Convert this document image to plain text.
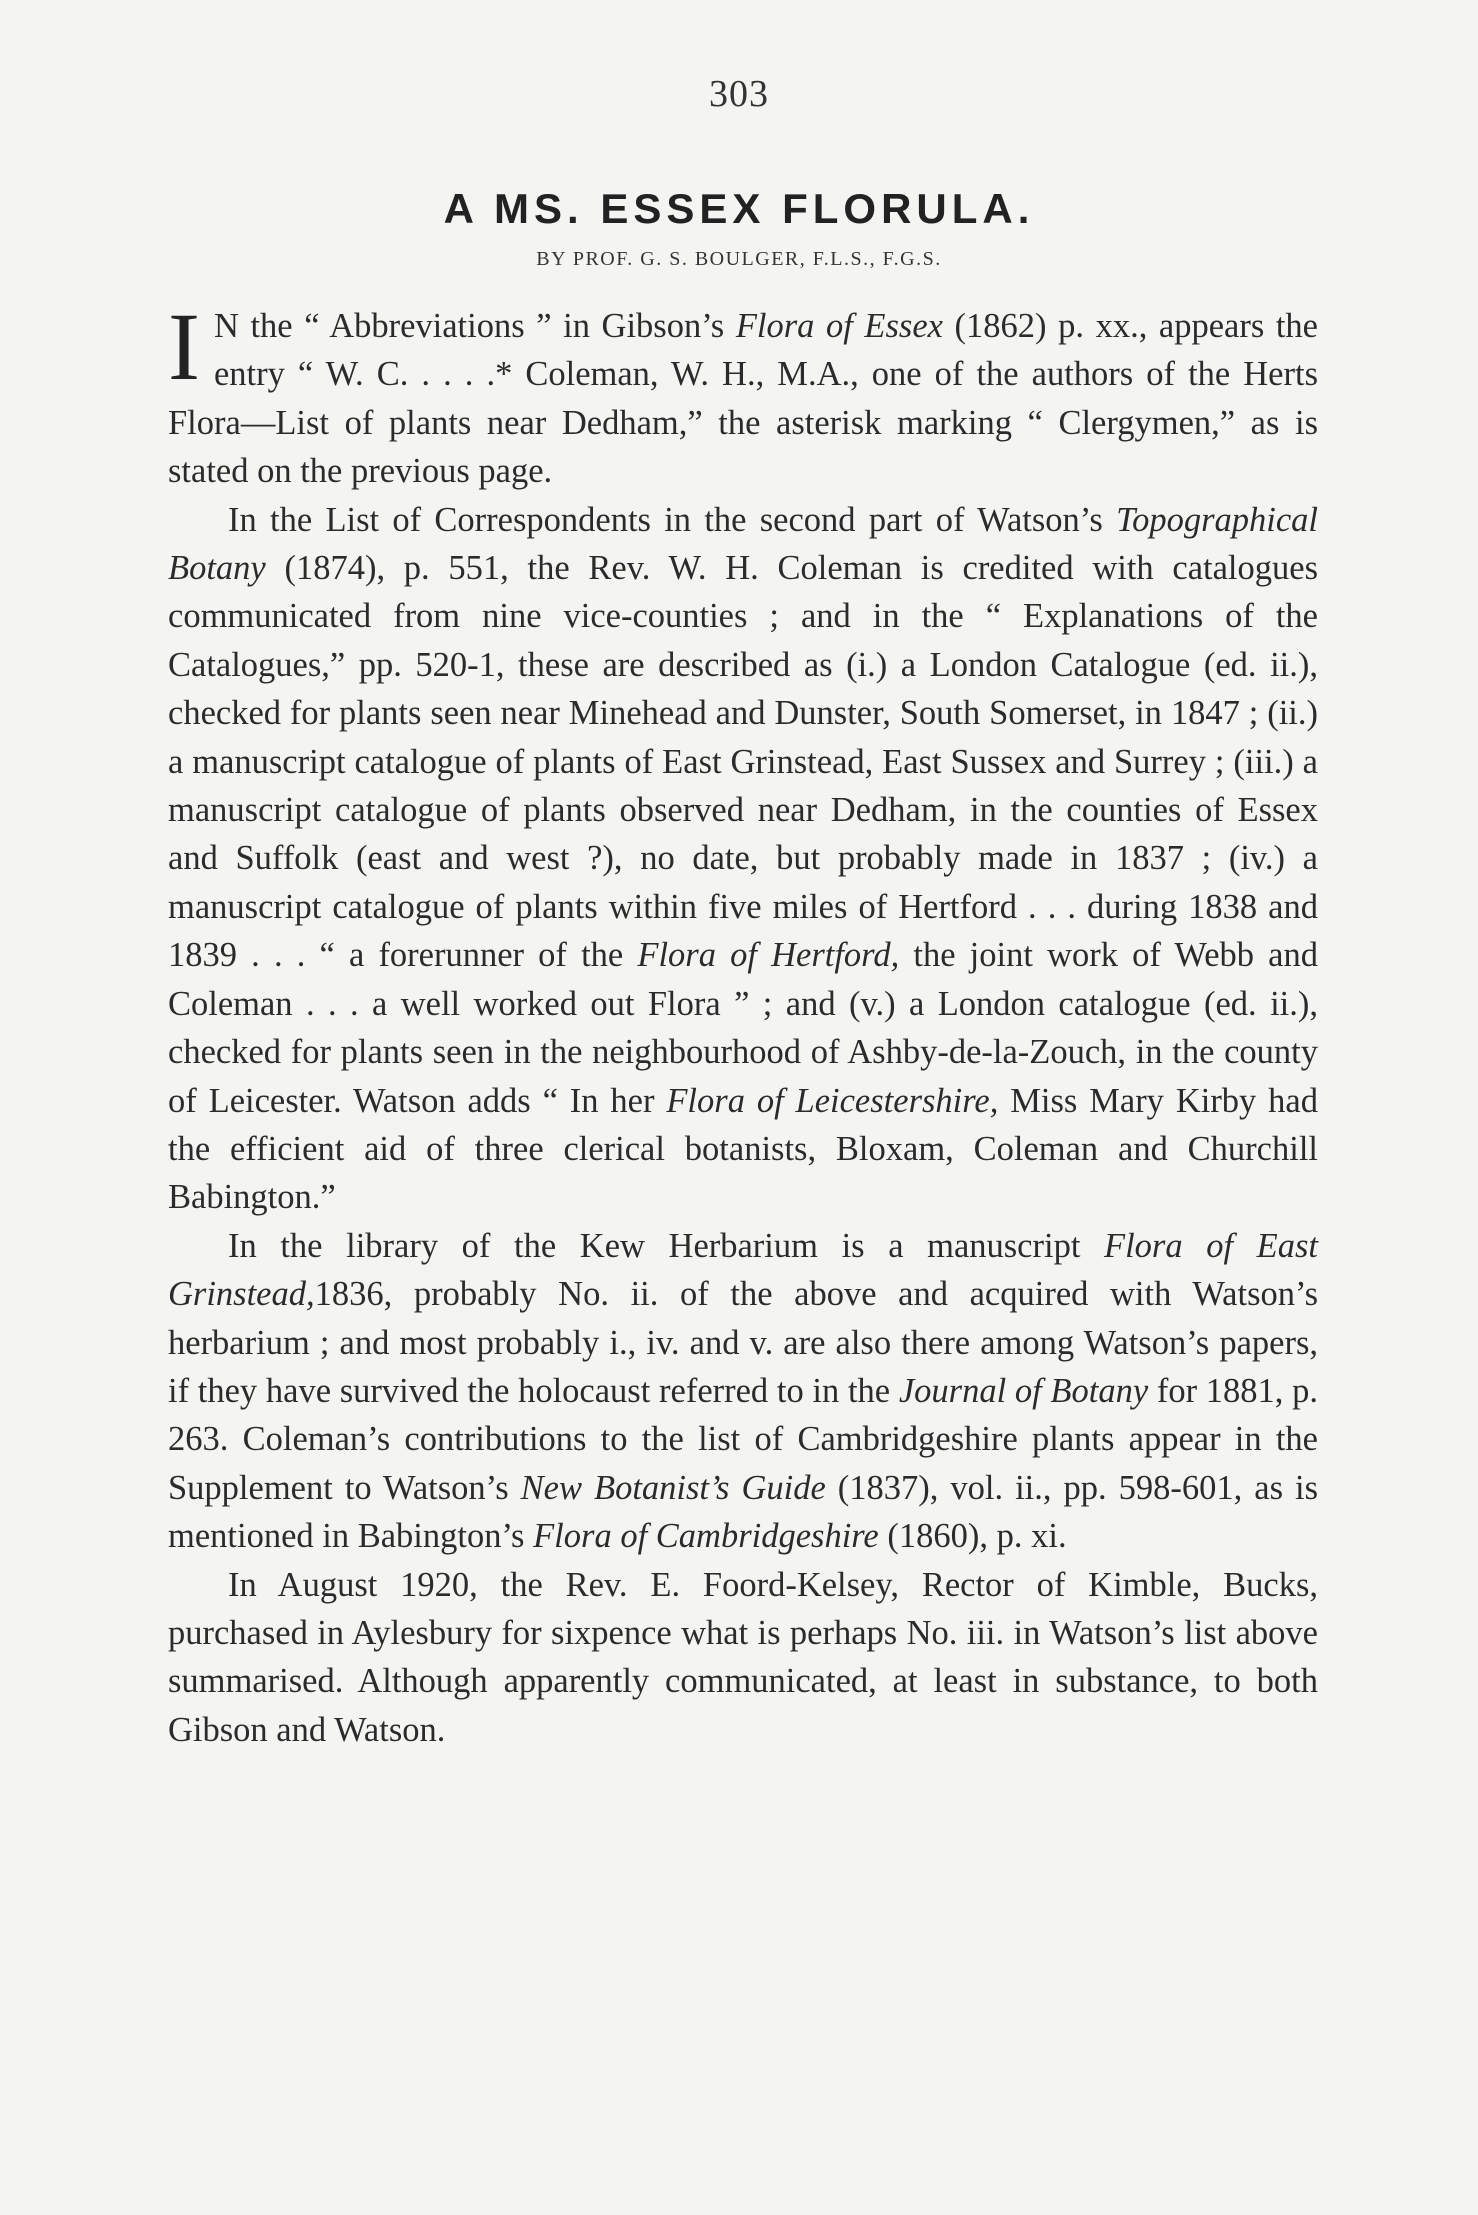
303
A MS. ESSEX FLORULA.
BY PROF. G. S. BOULGER, F.L.S., F.G.S.

I N the “ Abbreviations ” in Gibson’s Flora of Essex (1862) p. xx., appears the entry “ W. C. . . . .* Coleman, W. H., M.A., one of the authors of the Herts Flora—List of plants near Dedham,” the asterisk marking “ Clergymen,” as is stated on the previous page.

In the List of Correspondents in the second part of Watson’s Topographical Botany (1874), p. 551, the Rev. W. H. Coleman is credited with catalogues communicated from nine vice-counties ; and in the “ Explanations of the Catalogues,” pp. 520-1, these are described as (i.) a London Catalogue (ed. ii.), checked for plants seen near Minehead and Dunster, South Somerset, in 1847 ; (ii.) a manuscript catalogue of plants of East Grinstead, East Sussex and Surrey ; (iii.) a manuscript catalogue of plants observed near Dedham, in the counties of Essex and Suffolk (east and west ?), no date, but probably made in 1837 ; (iv.) a manuscript catalogue of plants within five miles of Hertford . . . during 1838 and 1839 . . . “ a forerunner of the Flora of Hertford, the joint work of Webb and Coleman . . . a well worked out Flora ” ; and (v.) a London catalogue (ed. ii.), checked for plants seen in the neighbourhood of Ashby-de-la-Zouch, in the county of Leicester. Watson adds “ In her Flora of Leicestershire, Miss Mary Kirby had the efficient aid of three clerical botanists, Bloxam, Coleman and Churchill Babington.”

In the library of the Kew Herbarium is a manuscript Flora of East Grinstead,1836, probably No. ii. of the above and acquired with Watson’s herbarium ; and most probably i., iv. and v. are also there among Watson’s papers, if they have survived the holocaust referred to in the Journal of Botany for 1881, p. 263. Coleman’s contributions to the list of Cambridgeshire plants appear in the Supplement to Watson’s New Botanist’s Guide (1837), vol. ii., pp. 598-601, as is mentioned in Babington’s Flora of Cambridgeshire (1860), p. xi.

In August 1920, the Rev. E. Foord-Kelsey, Rector of Kimble, Bucks, purchased in Aylesbury for sixpence what is perhaps No. iii. in Watson’s list above summarised. Although apparently communicated, at least in substance, to both Gibson and Watson.
